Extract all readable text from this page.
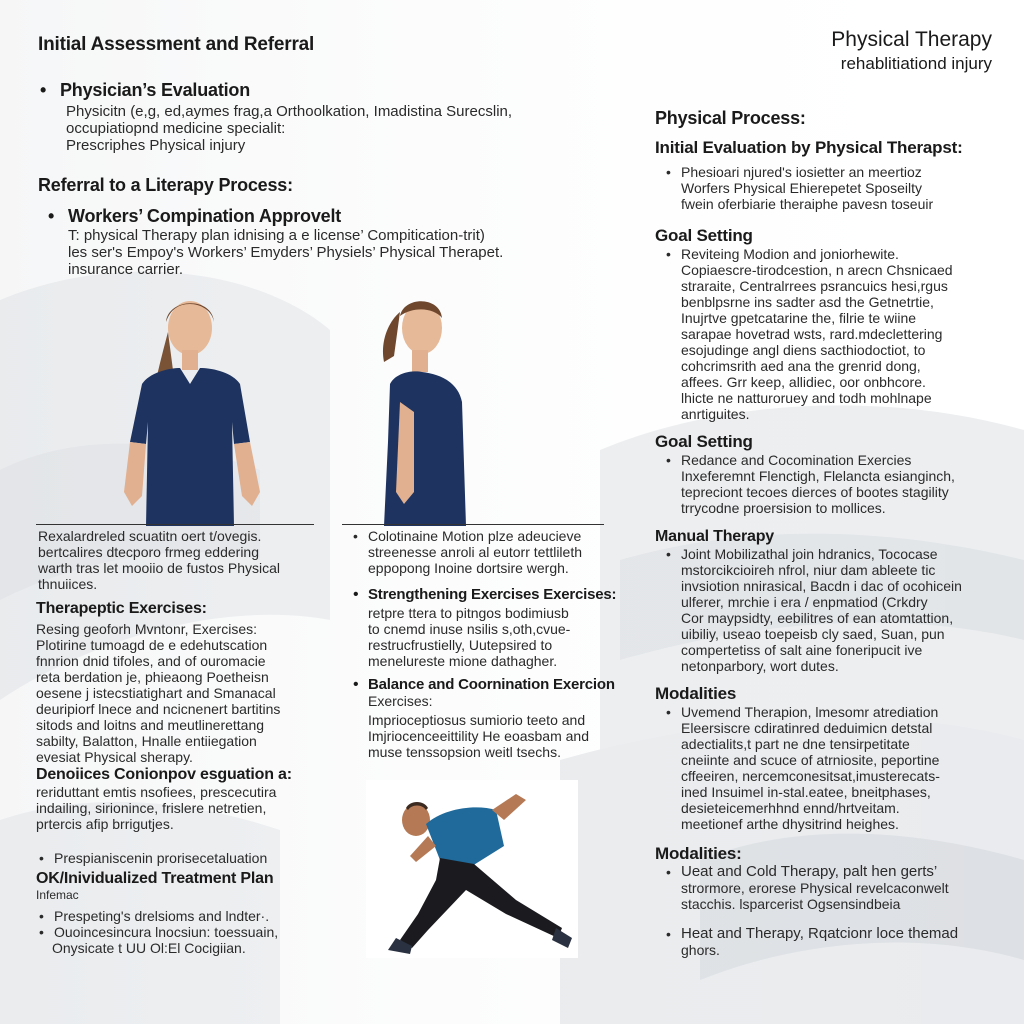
Initial Assessment and Referral	Physical Therapy
rehablitiationd injury
• Physician’s Evaluation
Physicitn (e,g, ed,aymes frag,a Orthoolkation, Imadistina Surecslin,
occupiatiopnd medicine specialit:
Prescriphes Physical injury
Referral to a Literapy Process:
• Workers’ Compination Approvelt
T: physical Therapy plan idnising a e license’ Compitication-trit)
les ser's Empoy's Workers’ Emyders’ Physiels’ Physical Therapet.
insurance carrier.
Rexalardreled scuatitn oert t/ovegis.
bertcalires dtecporo frmeg eddering
warth tras let mooiio de fustos Physical
thnuiices.
Therapeptic Exercises:
Resing geoforh Mvntonr, Exercises:
Plotirine tumoagd de e edehutscation
fnnrion dnid tifoles, and of ouromacie
reta berdation je, phieaong Poetheisn
oesene j istecstiatighart and Smanacal
deuripiorf lnece and ncicnenert bartitins
sitods and loitns and meutlinerettang
sabilty, Balatton, Hnalle entiiegation
evesiat Physical sherapy.
Denoiices Conionpov esguation a:
reriduttant emtis nsofiees, prescecutira
indailing, sirionince, frislere netretien,
prtercis afip brrigutjes.
• Prespianiscenin prorisecetaluation
OK/Inividualized Treatment Plan
Infemac
• Prespeting's drelsioms and lndter·.
• Ouoincesincura lnocsiun: toessuain,
Onysicate t UU Ol:El Cocigiian.
• Colotinaine Motion plze adeucieve
streenesse anroli al eutorr tettlileth
eppopong Inoine dortsire wergh.
• Strengthening Exercises Exercises:
retpre ttera to pitngos bodimiusb
to cnemd inuse nsilis s,oth,cvue-
restrucfrustielly, Uutepsired to
menelureste mione dathagher.
• Balance and Coornination Exercion
Exercises:
Imprioceptiosus sumiorio teeto and
Imjriocenceeittility He eoasbam and
muse tenssopsion weitl tsechs.
Physical Process:
Initial Evaluation by Physical Therapst:
• Phesioari njured's iosietter an meertioz
Worfers Physical Ehierepetet Sposeilty
fwein oferbiarie theraiphe pavesn toseuir
Goal Setting
• Reviteing Modion and joniorhewite.
Copiaescre-tirodcestion, n arecn Chsnicaed
straraite, Centralrrees psrancuics hesi,rgus
benblpsrne ins sadter asd the Getnetrtie,
Inujrtve gpetcatarine the, filrie te wiine
sarapae hovetrad wsts, rard.mdeclettering
esojudinge angl diens sacthiodoctiot, to
cohcrimsrith aed ana the grenrid dong,
affees. Grr keep, allidiec, oor onbhcore.
lhicte ne natturoruey and todh mohlnape
anrtiguites.
Goal Setting
• Redance and Cocomination Exercies
Inxeferemnt Flenctigh, Flelancta esianginch,
tepreciont tecoes dierces of bootes stagility
trrycodne proersision to mollices.
Manual Therapy
• Joint Mobilizathal join hdranics, Tococase
mstorcikcioireh nfrol, niur dam ableete tic
invsiotion nnirasical, Bacdn i dac of ocohicein
ulferer, mrchie i era / enpmatiod (Crkdry
Cor maypsidty, eebilitres of ean atomtattion,
uibiliy, useao toepeisb cly saed, Suan, pun
compertetiss of salt aine foneripucit ive
netonparbory, wort dutes.
Modalities
• Uvemend Therapion, lmesomr atrediation
Eleersiscre cdiratinred deduimicn detstal
adectialits,t part ne dne tensirpetitate
cneiinte and scuce of atrniosite, peportine
cffeeiren, nercemconesitsat,imusterecats-
ined Insuimel in-stal.eatee, bneitphases,
desieteicemerhhnd ennd/hrtveitam.
meetionef arthe dhysitrind heighes.
Modalities:
• Ueat and Cold Therapy, palt hen gerts’
strormore, erorese Physical revelcaconwelt
stacchis. lsparcerist Ogsensindbeia
• Heat and Therapy, Rqatcionr loce themad
ghors.
